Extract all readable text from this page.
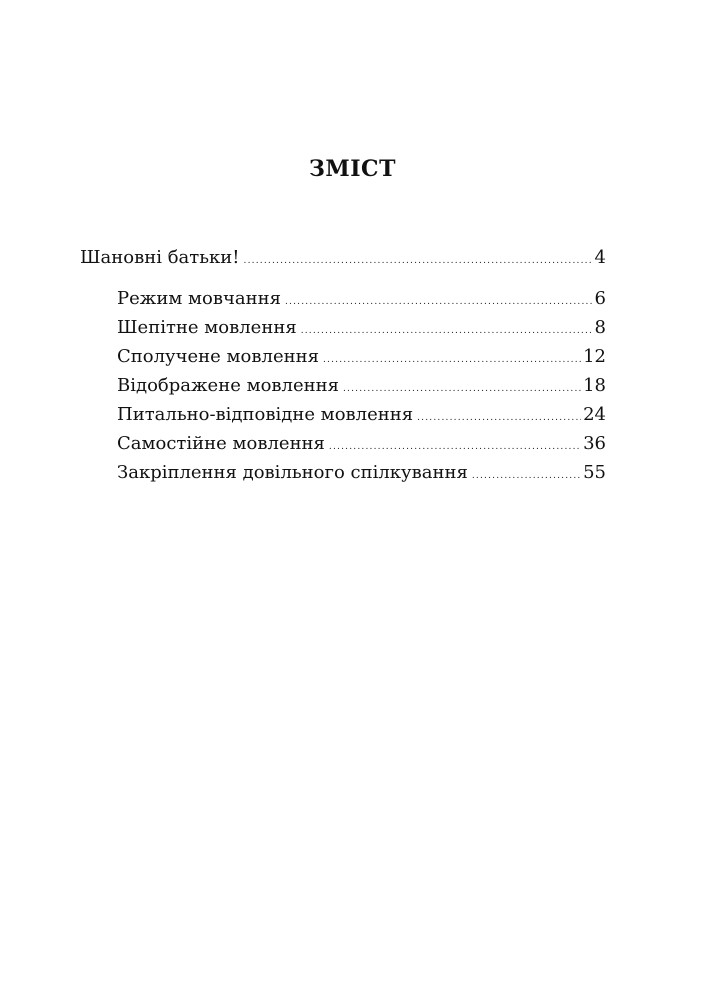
ЗМІСТ
Шановні батьки! .....	4
Режим мовчання .....	6
Шепітне мовлення .....	8
Сполучене мовлення .....	12
Відображене мовлення .....	18
Питально-відповідне мовлення .....	24
Самостійне мовлення .....	36
Закріплення довільного спілкування .....	55
